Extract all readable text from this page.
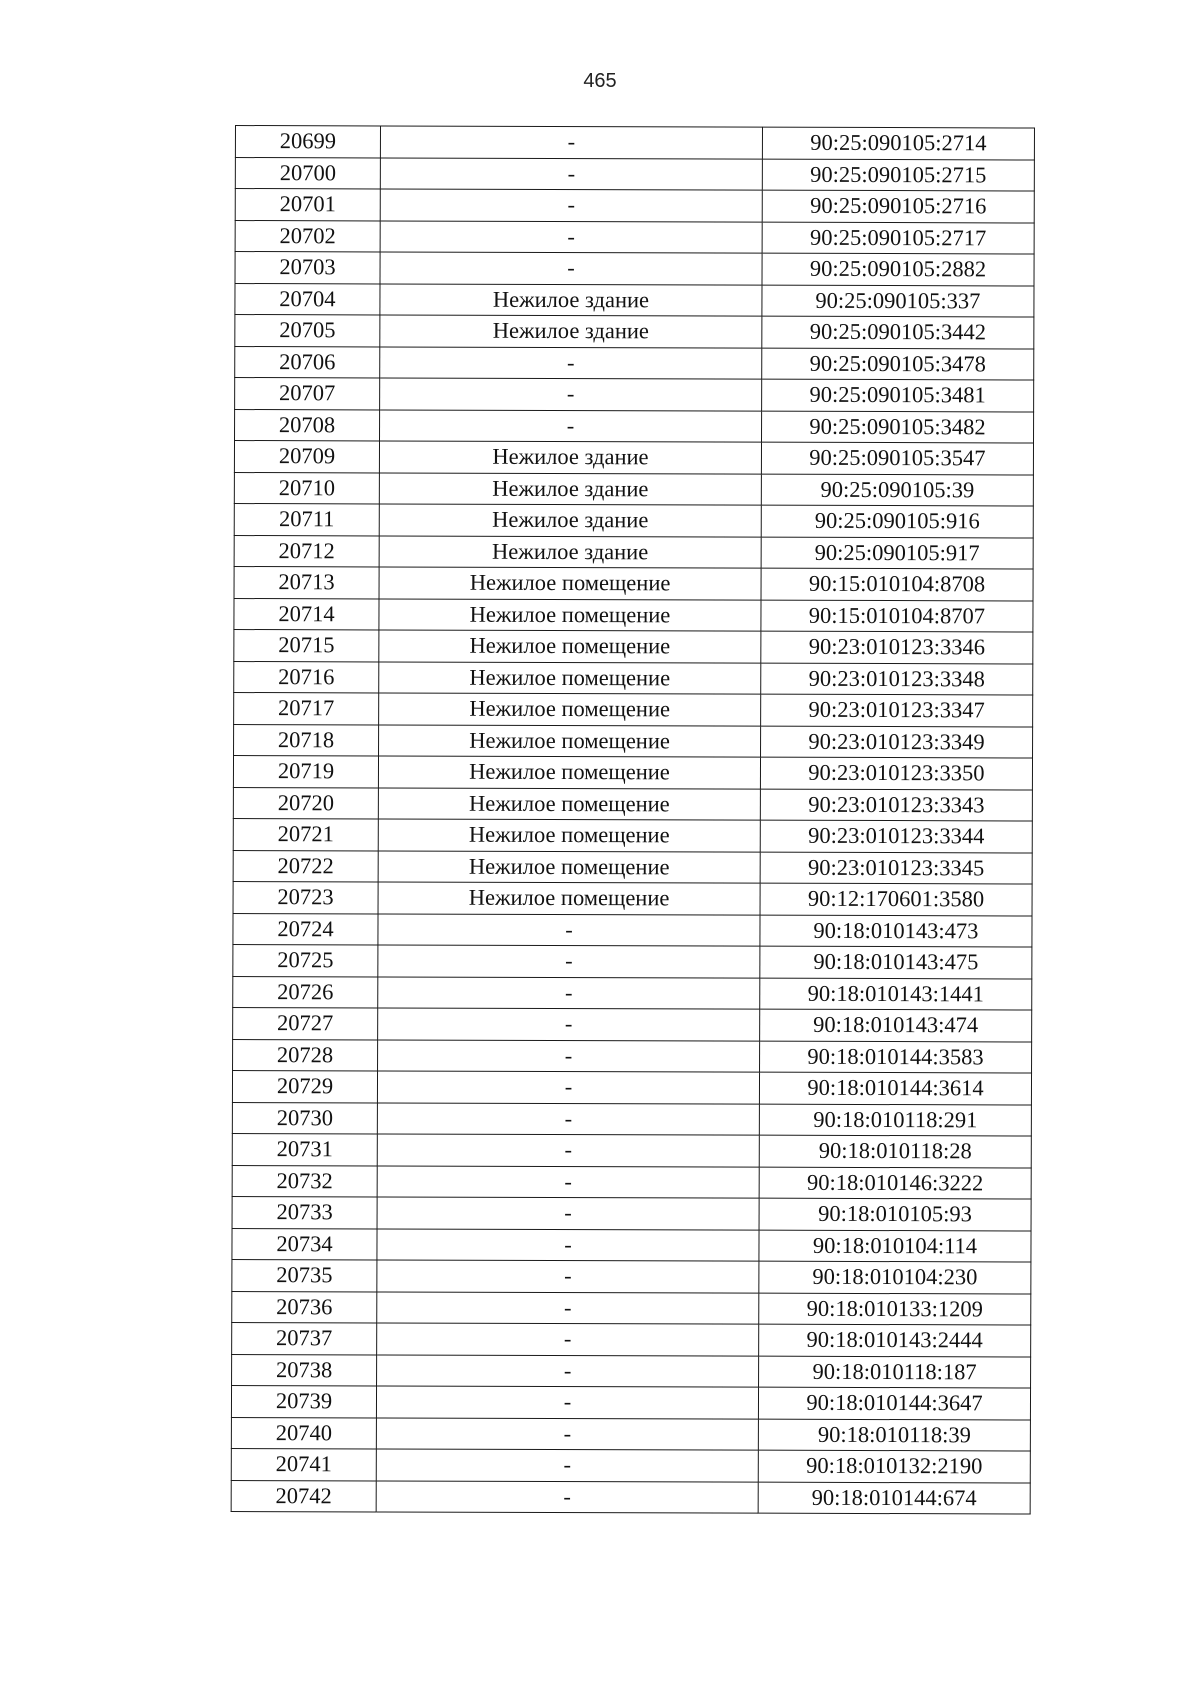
465
20699	-	90:25:090105:2714
20700	-	90:25:090105:2715
20701	-	90:25:090105:2716
20702	-	90:25:090105:2717
20703	-	90:25:090105:2882
20704	Нежилое здание	90:25:090105:337
20705	Нежилое здание	90:25:090105:3442
20706	-	90:25:090105:3478
20707	-	90:25:090105:3481
20708	-	90:25:090105:3482
20709	Нежилое здание	90:25:090105:3547
20710	Нежилое здание	90:25:090105:39
20711	Нежилое здание	90:25:090105:916
20712	Нежилое здание	90:25:090105:917
20713	Нежилое помещение	90:15:010104:8708
20714	Нежилое помещение	90:15:010104:8707
20715	Нежилое помещение	90:23:010123:3346
20716	Нежилое помещение	90:23:010123:3348
20717	Нежилое помещение	90:23:010123:3347
20718	Нежилое помещение	90:23:010123:3349
20719	Нежилое помещение	90:23:010123:3350
20720	Нежилое помещение	90:23:010123:3343
20721	Нежилое помещение	90:23:010123:3344
20722	Нежилое помещение	90:23:010123:3345
20723	Нежилое помещение	90:12:170601:3580
20724	-	90:18:010143:473
20725	-	90:18:010143:475
20726	-	90:18:010143:1441
20727	-	90:18:010143:474
20728	-	90:18:010144:3583
20729	-	90:18:010144:3614
20730	-	90:18:010118:291
20731	-	90:18:010118:28
20732	-	90:18:010146:3222
20733	-	90:18:010105:93
20734	-	90:18:010104:114
20735	-	90:18:010104:230
20736	-	90:18:010133:1209
20737	-	90:18:010143:2444
20738	-	90:18:010118:187
20739	-	90:18:010144:3647
20740	-	90:18:010118:39
20741	-	90:18:010132:2190
20742	-	90:18:010144:674
